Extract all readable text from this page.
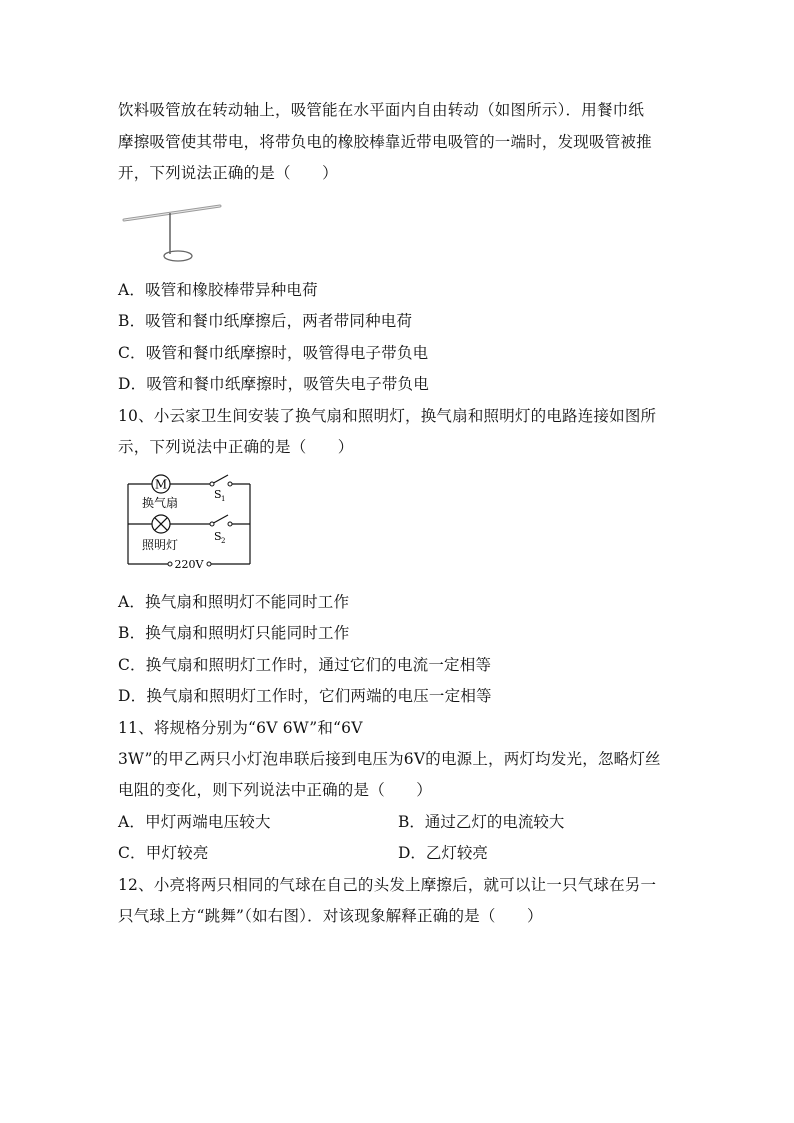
饮料吸管放在转动轴上，吸管能在水平面内自由转动（如图所示）．用餐巾纸
摩擦吸管使其带电，将带负电的橡胶棒靠近带电吸管的一端时，发现吸管被推
开，下列说法正确的是（　　）
A．吸管和橡胶棒带异种电荷
B．吸管和餐巾纸摩擦后，两者带同种电荷
C．吸管和餐巾纸摩擦时，吸管得电子带负电
D．吸管和餐巾纸摩擦时，吸管失电子带负电
10、小云家卫生间安装了换气扇和照明灯，换气扇和照明灯的电路连接如图所
示，下列说法中正确的是（　　）
M
换气扇
S 1
照明灯
S 2
220V
A．换气扇和照明灯不能同时工作
B．换气扇和照明灯只能同时工作
C．换气扇和照明灯工作时，通过它们的电流一定相等
D．换气扇和照明灯工作时，它们两端的电压一定相等
11、将规格分别为“6V 6W”和“6V
3W”的甲乙两只小灯泡串联后接到电压为6V的电源上，两灯均发光，忽略灯丝
电阻的变化，则下列说法中正确的是（　　）
A．甲灯两端电压较大	B．通过乙灯的电流较大
C．甲灯较亮	D．乙灯较亮
12、小亮将两只相同的气球在自己的头发上摩擦后，就可以让一只气球在另一
只气球上方“跳舞”（如右图）．对该现象解释正确的是（　　）
